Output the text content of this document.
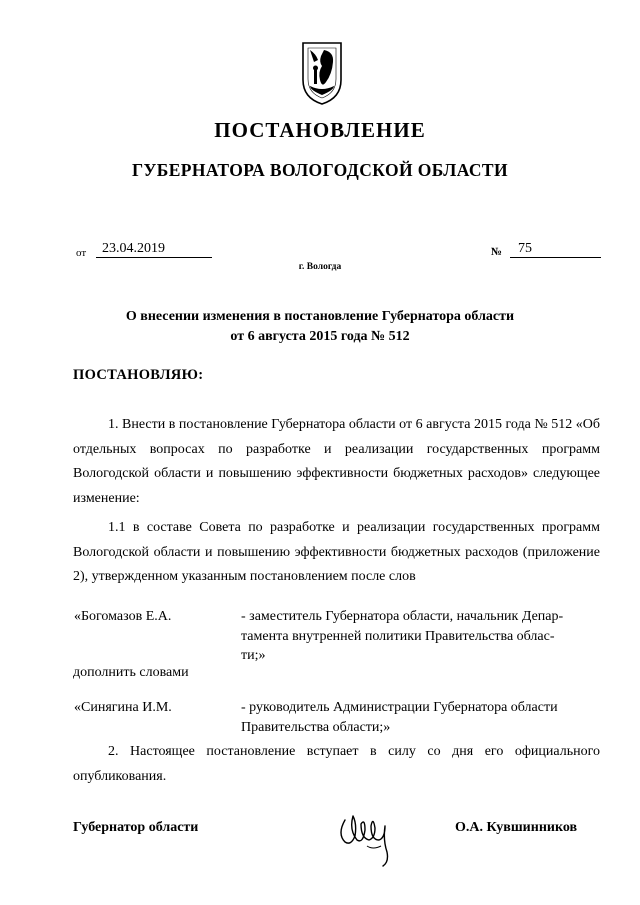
ПОСТАНОВЛЕНИЕ
ГУБЕРНАТОРА ВОЛОГОДСКОЙ ОБЛАСТИ
от	23.04.2019	№	75
г. Вологда
О внесении изменения в постановление Губернатора области
от 6 августа 2015 года № 512
ПОСТАНОВЛЯЮ:
1. Внести в постановление Губернатора области от 6 августа 2015 года № 512 «Об отдельных вопросах по разработке и реализации государственных программ Вологодской области и повышению эффективности бюджетных расходов» следующее изменение:
1.1 в составе Совета по разработке и реализации государственных программ Вологодской области и повышению эффективности бюджетных расходов (приложение 2), утвержденном указанным постановлением после слов
«Богомазов Е.А.	- заместитель Губернатора области, начальник Депар-
тамента внутренней политики Правительства облас-
ти;»
дополнить словами
«Синягина И.М.	- руководитель Администрации Губернатора области
Правительства области;»
2. Настоящее постановление вступает в силу со дня его официального опубликования.
Губернатор области	О.А. Кувшинников
